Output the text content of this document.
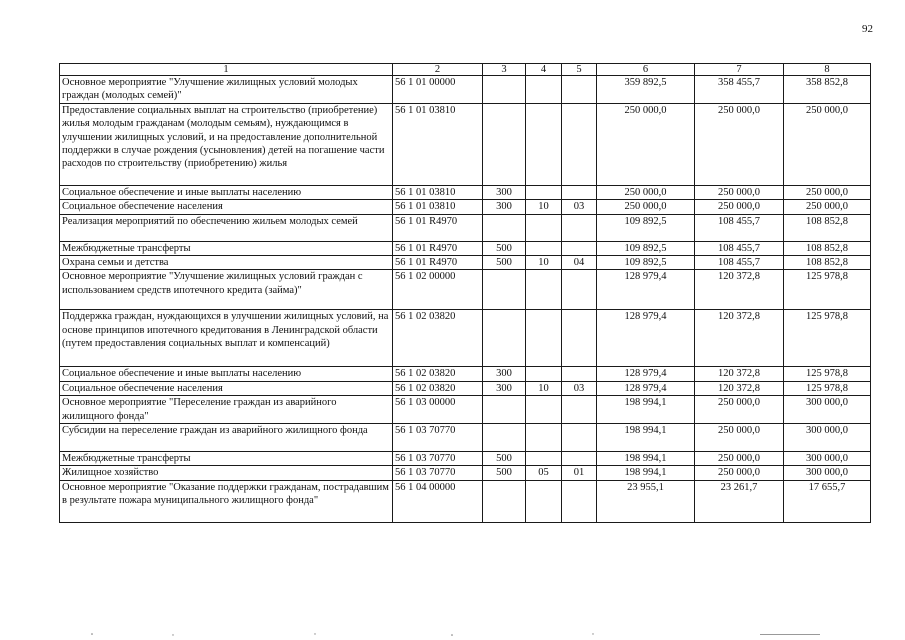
92
1	2	3	4	5	6	7	8
Основное мероприятие "Улучшение жилищных условий молодых граждан (молодых семей)"	56 1 01 00000				359 892,5	358 455,7	358 852,8
Предоставление социальных выплат на строительство (приобретение) жилья молодым гражданам (молодым семьям), нуждающимся в улучшении жилищных условий, и на предоставление дополнительной поддержки в случае рождения (усыновления) детей на погашение части расходов по строительству (приобретению) жилья	56 1 01 03810				250 000,0	250 000,0	250 000,0
Социальное обеспечение и иные выплаты населению	56 1 01 03810	300			250 000,0	250 000,0	250 000,0
Социальное обеспечение населения	56 1 01 03810	300	10	03	250 000,0	250 000,0	250 000,0
Реализация мероприятий по обеспечению жильем молодых семей	56 1 01 R4970				109 892,5	108 455,7	108 852,8
Межбюджетные трансферты	56 1 01 R4970	500			109 892,5	108 455,7	108 852,8
Охрана семьи и детства	56 1 01 R4970	500	10	04	109 892,5	108 455,7	108 852,8
Основное мероприятие "Улучшение жилищных условий граждан с использованием средств ипотечного кредита (займа)"	56 1 02 00000				128 979,4	120 372,8	125 978,8
Поддержка граждан, нуждающихся в улучшении жилищных условий, на основе принципов ипотечного кредитования в Ленинградской области (путем предоставления социальных выплат и компенсаций)	56 1 02 03820				128 979,4	120 372,8	125 978,8
Социальное обеспечение и иные выплаты населению	56 1 02 03820	300			128 979,4	120 372,8	125 978,8
Социальное обеспечение населения	56 1 02 03820	300	10	03	128 979,4	120 372,8	125 978,8
Основное мероприятие "Переселение граждан из аварийного жилищного фонда"	56 1 03 00000				198 994,1	250 000,0	300 000,0
Субсидии на переселение граждан из аварийного жилищного фонда	56 1 03 70770				198 994,1	250 000,0	300 000,0
Межбюджетные трансферты	56 1 03 70770	500			198 994,1	250 000,0	300 000,0
Жилищное хозяйство	56 1 03 70770	500	05	01	198 994,1	250 000,0	300 000,0
Основное мероприятие "Оказание поддержки гражданам, пострадавшим в результате пожара муниципального жилищного фонда"	56 1 04 00000				23 955,1	23 261,7	17 655,7
